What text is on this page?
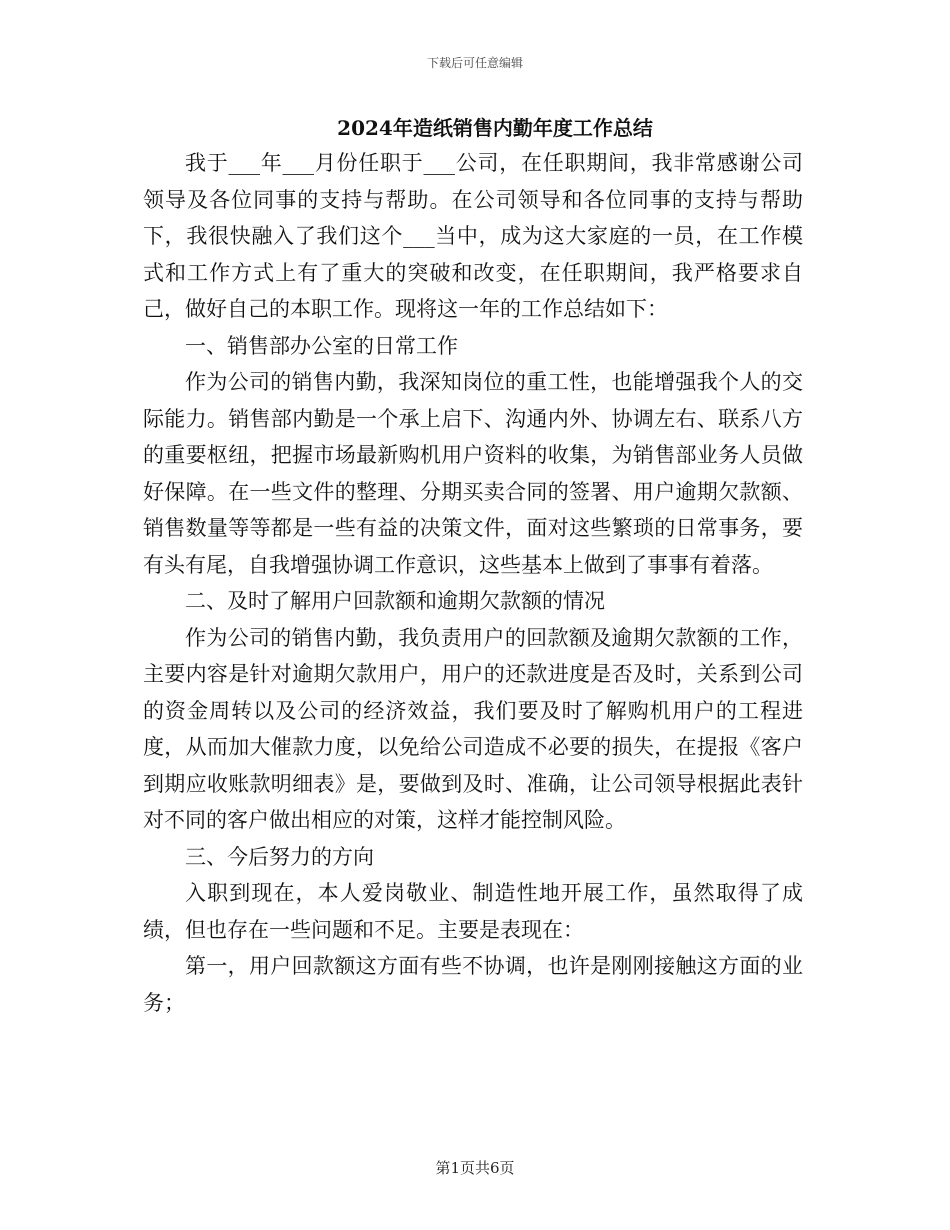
下载后可任意编辑
2024年造纸销售内勤年度工作总结

我于___年___月份任职于___公司，在任职期间，我非常感谢公司领导及各位同事的支持与帮助。在公司领导和各位同事的支持与帮助下，我很快融入了我们这个___当中，成为这大家庭的一员，在工作模式和工作方式上有了重大的突破和改变，在任职期间，我严格要求自己，做好自己的本职工作。现将这一年的工作总结如下：

一、销售部办公室的日常工作

作为公司的销售内勤，我深知岗位的重工性，也能增强我个人的交际能力。销售部内勤是一个承上启下、沟通内外、协调左右、联系八方的重要枢纽，把握市场最新购机用户资料的收集，为销售部业务人员做好保障。在一些文件的整理、分期买卖合同的签署、用户逾期欠款额、销售数量等等都是一些有益的决策文件，面对这些繁琐的日常事务，要有头有尾，自我增强协调工作意识，这些基本上做到了事事有着落。

二、及时了解用户回款额和逾期欠款额的情况

作为公司的销售内勤，我负责用户的回款额及逾期欠款额的工作，主要内容是针对逾期欠款用户，用户的还款进度是否及时，关系到公司的资金周转以及公司的经济效益，我们要及时了解购机用户的工程进度，从而加大催款力度，以免给公司造成不必要的损失，在提报《客户到期应收账款明细表》是，要做到及时、准确，让公司领导根据此表针对不同的客户做出相应的对策，这样才能控制风险。

三、今后努力的方向

入职到现在，本人爱岗敬业、制造性地开展工作，虽然取得了成绩，但也存在一些问题和不足。主要是表现在：

第一，用户回款额这方面有些不协调，也许是刚刚接触这方面的业务；

第1页共6页
